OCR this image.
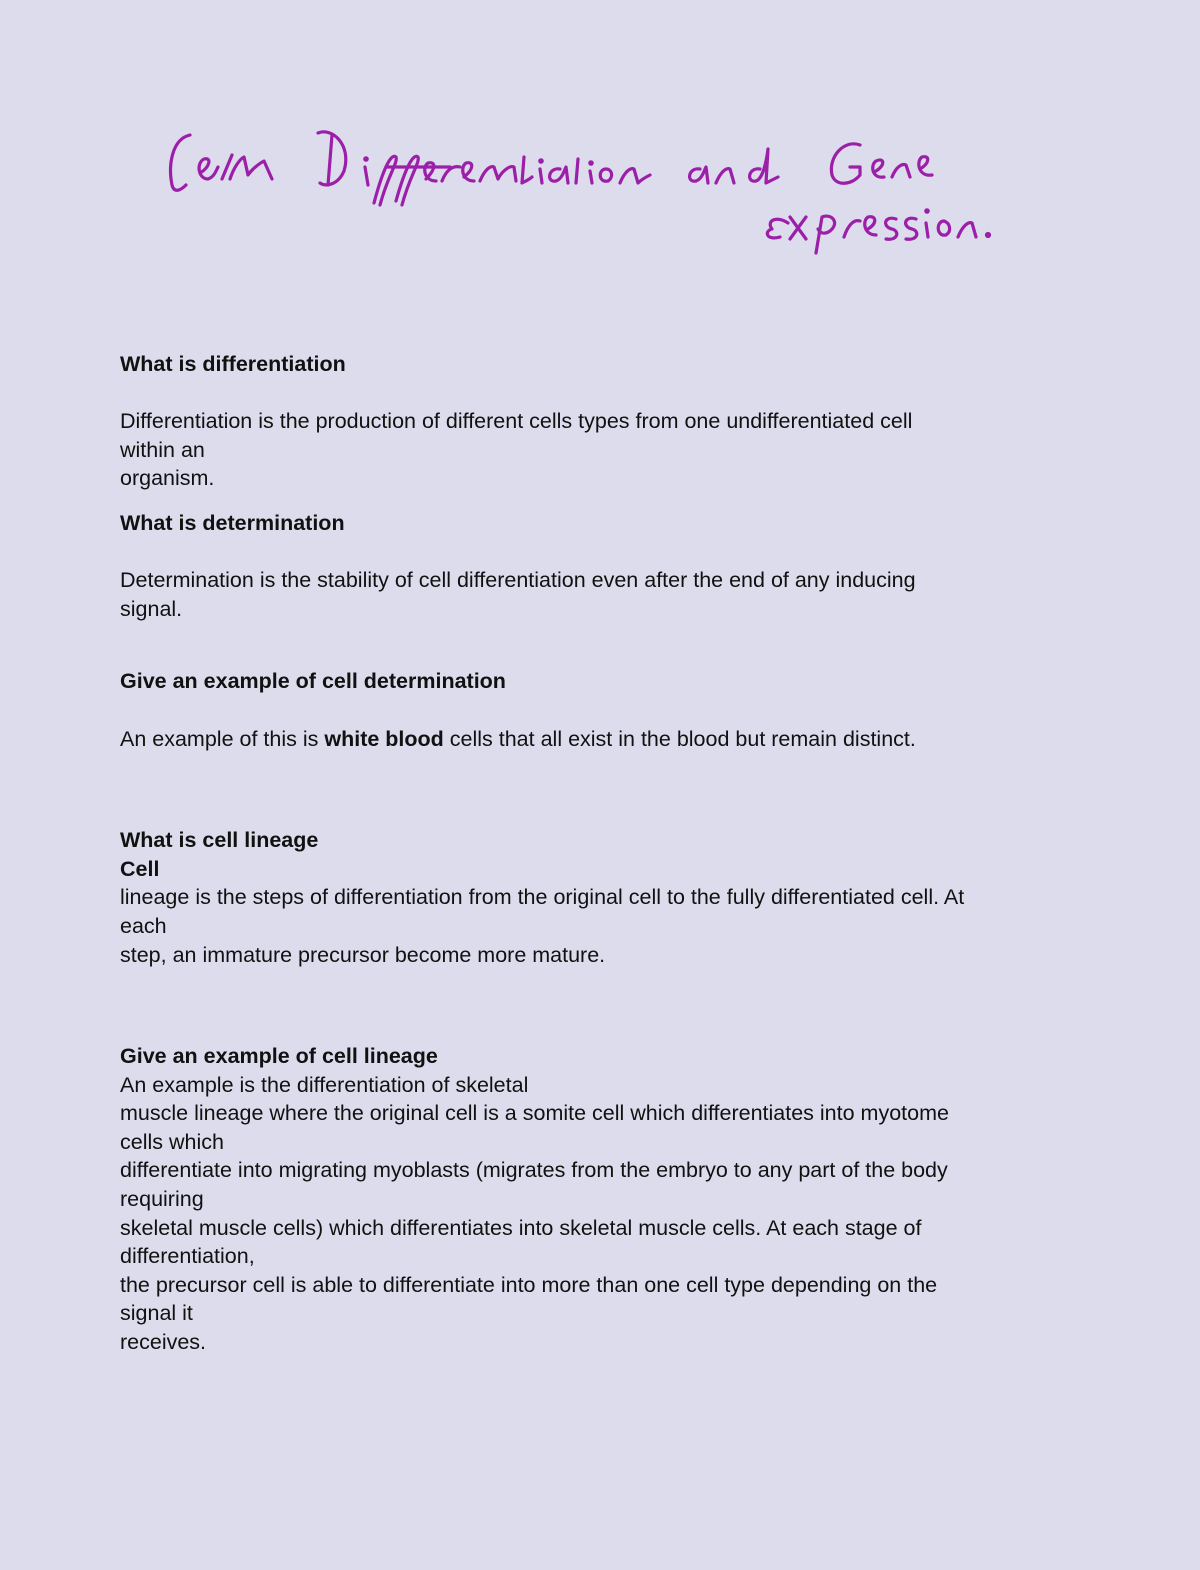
What is differentiation
Differentiation is the production of different cells types from one undifferentiated cell
within an
organism.
What is determination
Determination is the stability of cell differentiation even after the end of any inducing
signal.
Give an example of cell determination
An example of this is white blood cells that all exist in the blood but remain distinct.
What is cell lineage
Cell
lineage is the steps of differentiation from the original cell to the fully differentiated cell. At
each
step, an immature precursor become more mature.
Give an example of cell lineage
An example is the differentiation of skeletal
muscle lineage where the original cell is a somite cell which differentiates into myotome
cells which
differentiate into migrating myoblasts (migrates from the embryo to any part of the body
requiring
skeletal muscle cells) which differentiates into skeletal muscle cells. At each stage of
differentiation,
the precursor cell is able to differentiate into more than one cell type depending on the
signal it
receives.
